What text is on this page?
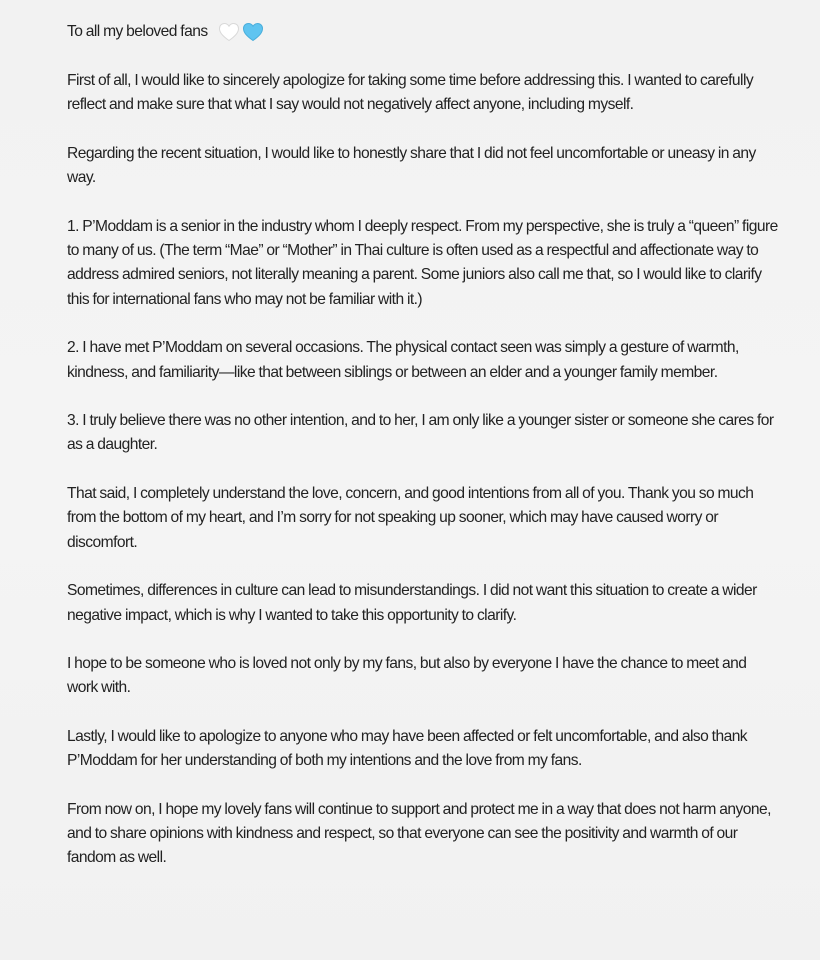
To all my beloved fans

First of all, I would like to sincerely apologize for taking some time before addressing this. I wanted to carefully reflect and make sure that what I say would not negatively affect anyone, including myself.

Regarding the recent situation, I would like to honestly share that I did not feel uncomfortable or uneasy in any way.

1. P’Moddam is a senior in the industry whom I deeply respect. From my perspective, she is truly a “queen” figure to many of us. (The term “Mae” or “Mother” in Thai culture is often used as a respectful and affectionate way to address admired seniors, not literally meaning a parent. Some juniors also call me that, so I would like to clarify this for international fans who may not be familiar with it.)

2. I have met P’Moddam on several occasions. The physical contact seen was simply a gesture of warmth, kindness, and familiarity—like that between siblings or between an elder and a younger family member.

3. I truly believe there was no other intention, and to her, I am only like a younger sister or someone she cares for as a daughter.

That said, I completely understand the love, concern, and good intentions from all of you. Thank you so much from the bottom of my heart, and I’m sorry for not speaking up sooner, which may have caused worry or discomfort.

Sometimes, differences in culture can lead to misunderstandings. I did not want this situation to create a wider negative impact, which is why I wanted to take this opportunity to clarify.

I hope to be someone who is loved not only by my fans, but also by everyone I have the chance to meet and work with.

Lastly, I would like to apologize to anyone who may have been affected or felt uncomfortable, and also thank P’Moddam for her understanding of both my intentions and the love from my fans.

From now on, I hope my lovely fans will continue to support and protect me in a way that does not harm anyone, and to share opinions with kindness and respect, so that everyone can see the positivity and warmth of our fandom as well.
